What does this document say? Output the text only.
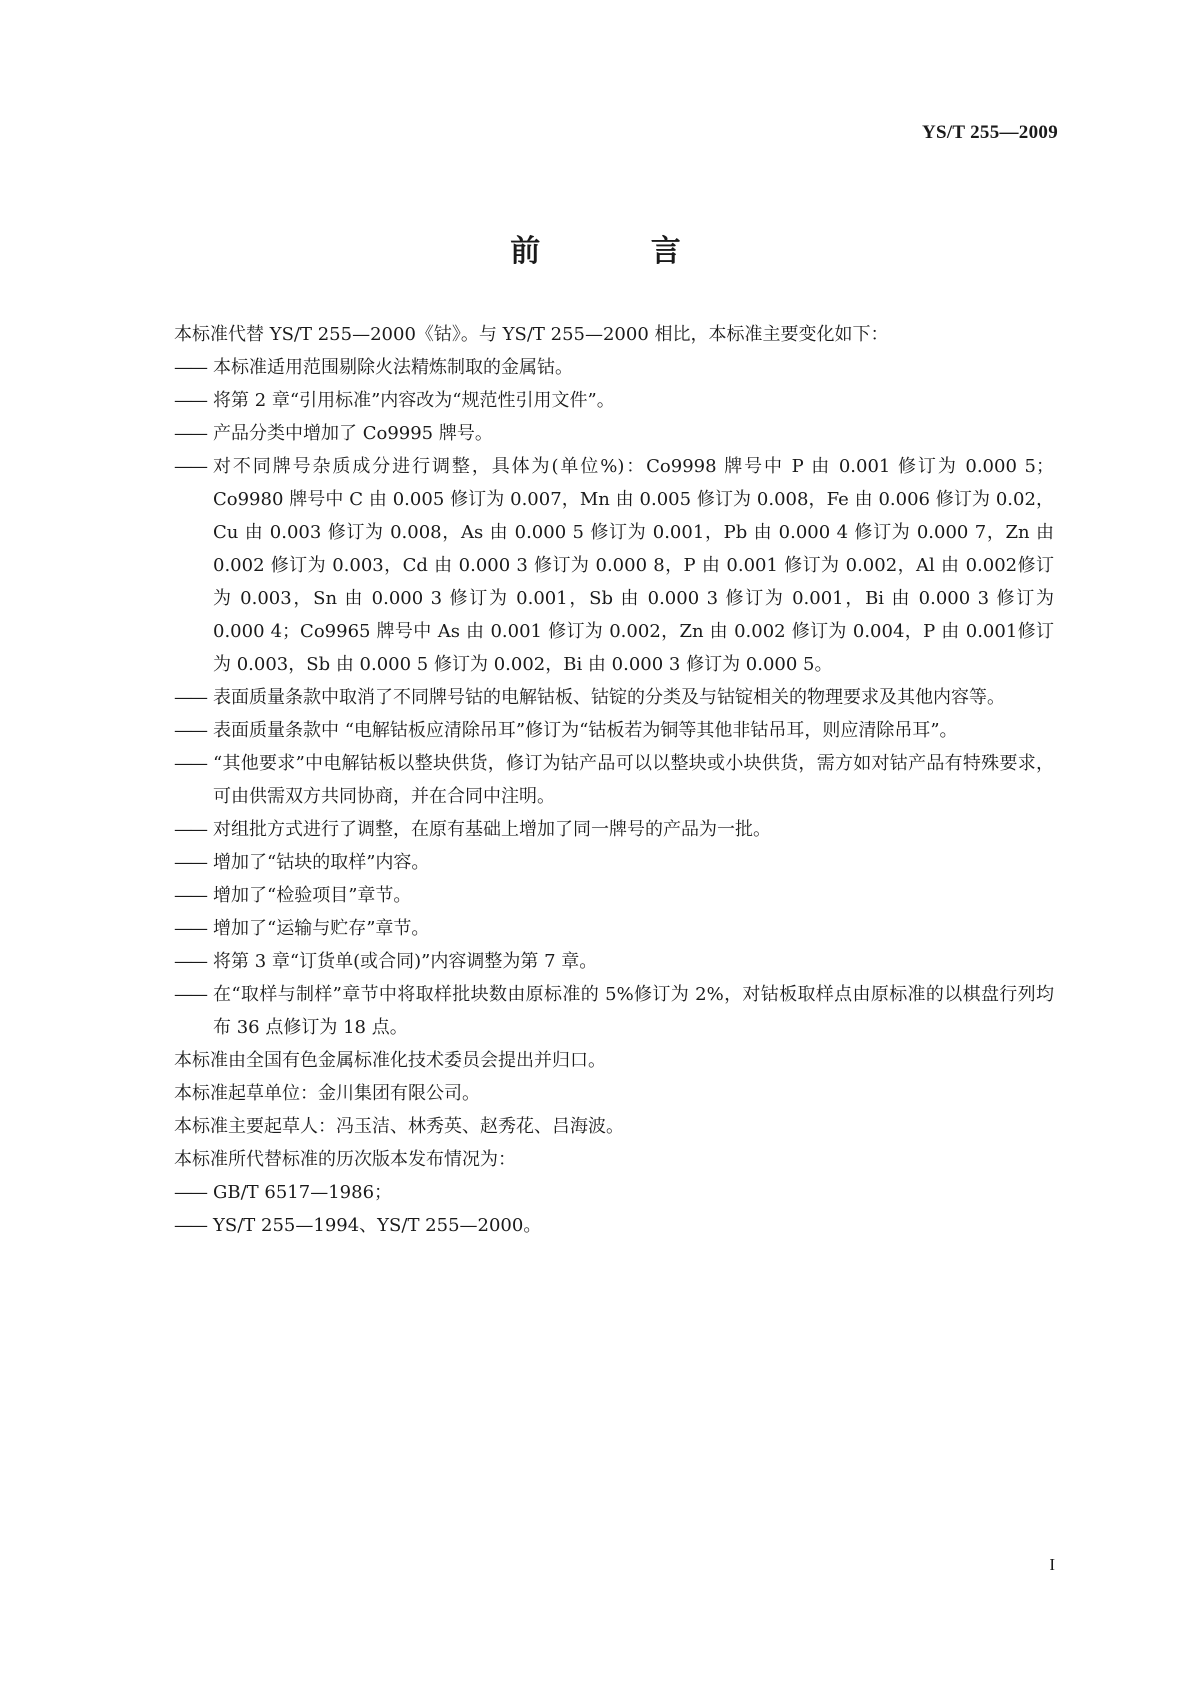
YS/T 255—2009
前 言

本标准代替 YS/T 255—2000《钴》。与 YS/T 255—2000 相比，本标准主要变化如下：

—— 本标准适用范围剔除火法精炼制取的金属钴。
—— 将第 2 章“引用标准”内容改为“规范性引用文件”。
—— 产品分类中增加了 Co9995 牌号。
—— 对不同牌号杂质成分进行调整，具体为(单位%)：Co9998 牌号中 P 由 0.001 修订为 0.000 5；Co9980 牌号中 C 由 0.005 修订为 0.007，Mn 由 0.005 修订为 0.008，Fe 由 0.006 修订为 0.02，Cu 由 0.003 修订为 0.008，As 由 0.000 5 修订为 0.001，Pb 由 0.000 4 修订为 0.000 7，Zn 由 0.002 修订为 0.003，Cd 由 0.000 3 修订为 0.000 8，P 由 0.001 修订为 0.002，Al 由 0.002修订为 0.003，Sn 由 0.000 3 修订为 0.001，Sb 由 0.000 3 修订为 0.001，Bi 由 0.000 3 修订为 0.000 4；Co9965 牌号中 As 由 0.001 修订为 0.002，Zn 由 0.002 修订为 0.004，P 由 0.001修订为 0.003，Sb 由 0.000 5 修订为 0.002，Bi 由 0.000 3 修订为 0.000 5。
—— 表面质量条款中取消了不同牌号钴的电解钴板、钴锭的分类及与钴锭相关的物理要求及其他内容等。
—— 表面质量条款中 “电解钴板应清除吊耳”修订为“钴板若为铜等其他非钴吊耳，则应清除吊耳”。
—— “其他要求”中电解钴板以整块供货，修订为钴产品可以以整块或小块供货，需方如对钴产品有特殊要求，可由供需双方共同协商，并在合同中注明。
—— 对组批方式进行了调整，在原有基础上增加了同一牌号的产品为一批。
—— 增加了“钴块的取样”内容。
—— 增加了“检验项目”章节。
—— 增加了“运输与贮存”章节。
—— 将第 3 章“订货单(或合同)”内容调整为第 7 章。
—— 在“取样与制样”章节中将取样批块数由原标准的 5%修订为 2%，对钴板取样点由原标准的以棋盘行列均布 36 点修订为 18 点。

本标准由全国有色金属标准化技术委员会提出并归口。

本标准起草单位：金川集团有限公司。

本标准主要起草人：冯玉洁、林秀英、赵秀花、吕海波。

本标准所代替标准的历次版本发布情况为：

—— GB/T 6517—1986；
—— YS/T 255—1994、YS/T 255—2000。
I
